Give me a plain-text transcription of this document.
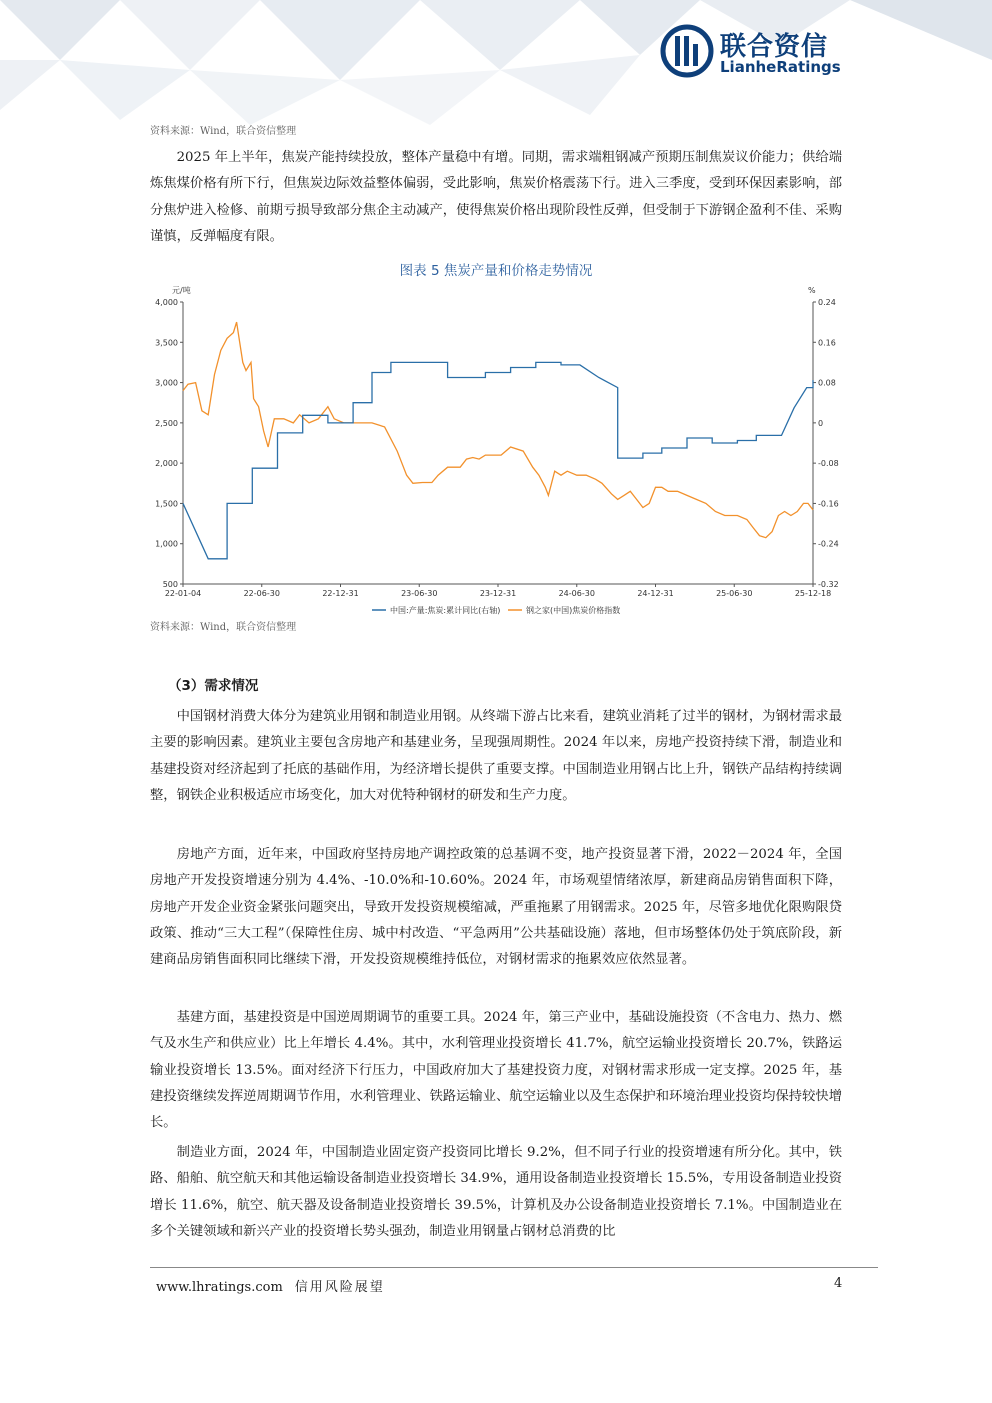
联合资信
LianheRatings
资料来源：Wind，联合资信整理

2025 年上半年，焦炭产能持续投放，整体产量稳中有增。同期，需求端粗钢减产预期压制焦炭议价能力；供给端炼焦煤价格有所下行，但焦炭边际效益整体偏弱，受此影响，焦炭价格震荡下行。进入三季度，受到环保因素影响，部分焦炉进入检修、前期亏损导致部分焦企主动减产，使得焦炭价格出现阶段性反弹，但受制于下游钢企盈利不佳、采购谨慎，反弹幅度有限。

图表 5 焦炭产量和价格走势情况
元/吨	%
4,000
3,500
3,000
2,500
2,000
1,500
1,000
500
0.24
0.16
0.08
0
-0.08
-0.16
-0.24
-0.32
22-01-04	22-06-30	22-12-31	23-06-30	23-12-31	24-06-30	24-12-31	25-06-30	25-12-18
中国:产量:焦炭:累计同比(右轴)	钢之家(中国)焦炭价格指数
资料来源：Wind，联合资信整理
（3）需求情况

中国钢材消费大体分为建筑业用钢和制造业用钢。从终端下游占比来看，建筑业消耗了过半的钢材，为钢材需求最主要的影响因素。建筑业主要包含房地产和基建业务，呈现强周期性。2024 年以来，房地产投资持续下滑，制造业和基建投资对经济起到了托底的基础作用，为经济增长提供了重要支撑。中国制造业用钢占比上升，钢铁产品结构持续调整，钢铁企业积极适应市场变化，加大对优特种钢材的研发和生产力度。

房地产方面，近年来，中国政府坚持房地产调控政策的总基调不变，地产投资显著下滑，2022－2024 年，全国房地产开发投资增速分别为 4.4%、-10.0%和-10.60%。2024 年，市场观望情绪浓厚，新建商品房销售面积下降，房地产开发企业资金紧张问题突出，导致开发投资规模缩减，严重拖累了用钢需求。2025 年，尽管多地优化限购限贷政策、推动“三大工程”（保障性住房、城中村改造、“平急两用”公共基础设施）落地，但市场整体仍处于筑底阶段，新建商品房销售面积同比继续下滑，开发投资规模维持低位，对钢材需求的拖累效应依然显著。

基建方面，基建投资是中国逆周期调节的重要工具。2024 年，第三产业中，基础设施投资（不含电力、热力、燃气及水生产和供应业）比上年增长 4.4%。其中，水利管理业投资增长 41.7%，航空运输业投资增长 20.7%，铁路运输业投资增长 13.5%。面对经济下行压力，中国政府加大了基建投资力度，对钢材需求形成一定支撑。2025 年，基建投资继续发挥逆周期调节作用，水利管理业、铁路运输业、航空运输业以及生态保护和环境治理业投资均保持较快增长。

制造业方面，2024 年，中国制造业固定资产投资同比增长 9.2%，但不同子行业的投资增速有所分化。其中，铁路、船舶、航空航天和其他运输设备制造业投资增长 34.9%，通用设备制造业投资增长 15.5%，专用设备制造业投资增长 11.6%，航空、航天器及设备制造业投资增长 39.5%，计算机及办公设备制造业投资增长 7.1%。中国制造业在多个关键领域和新兴产业的投资增长势头强劲，制造业用钢量占钢材总消费的比

www.lhratings.com 信用风险展望	4
